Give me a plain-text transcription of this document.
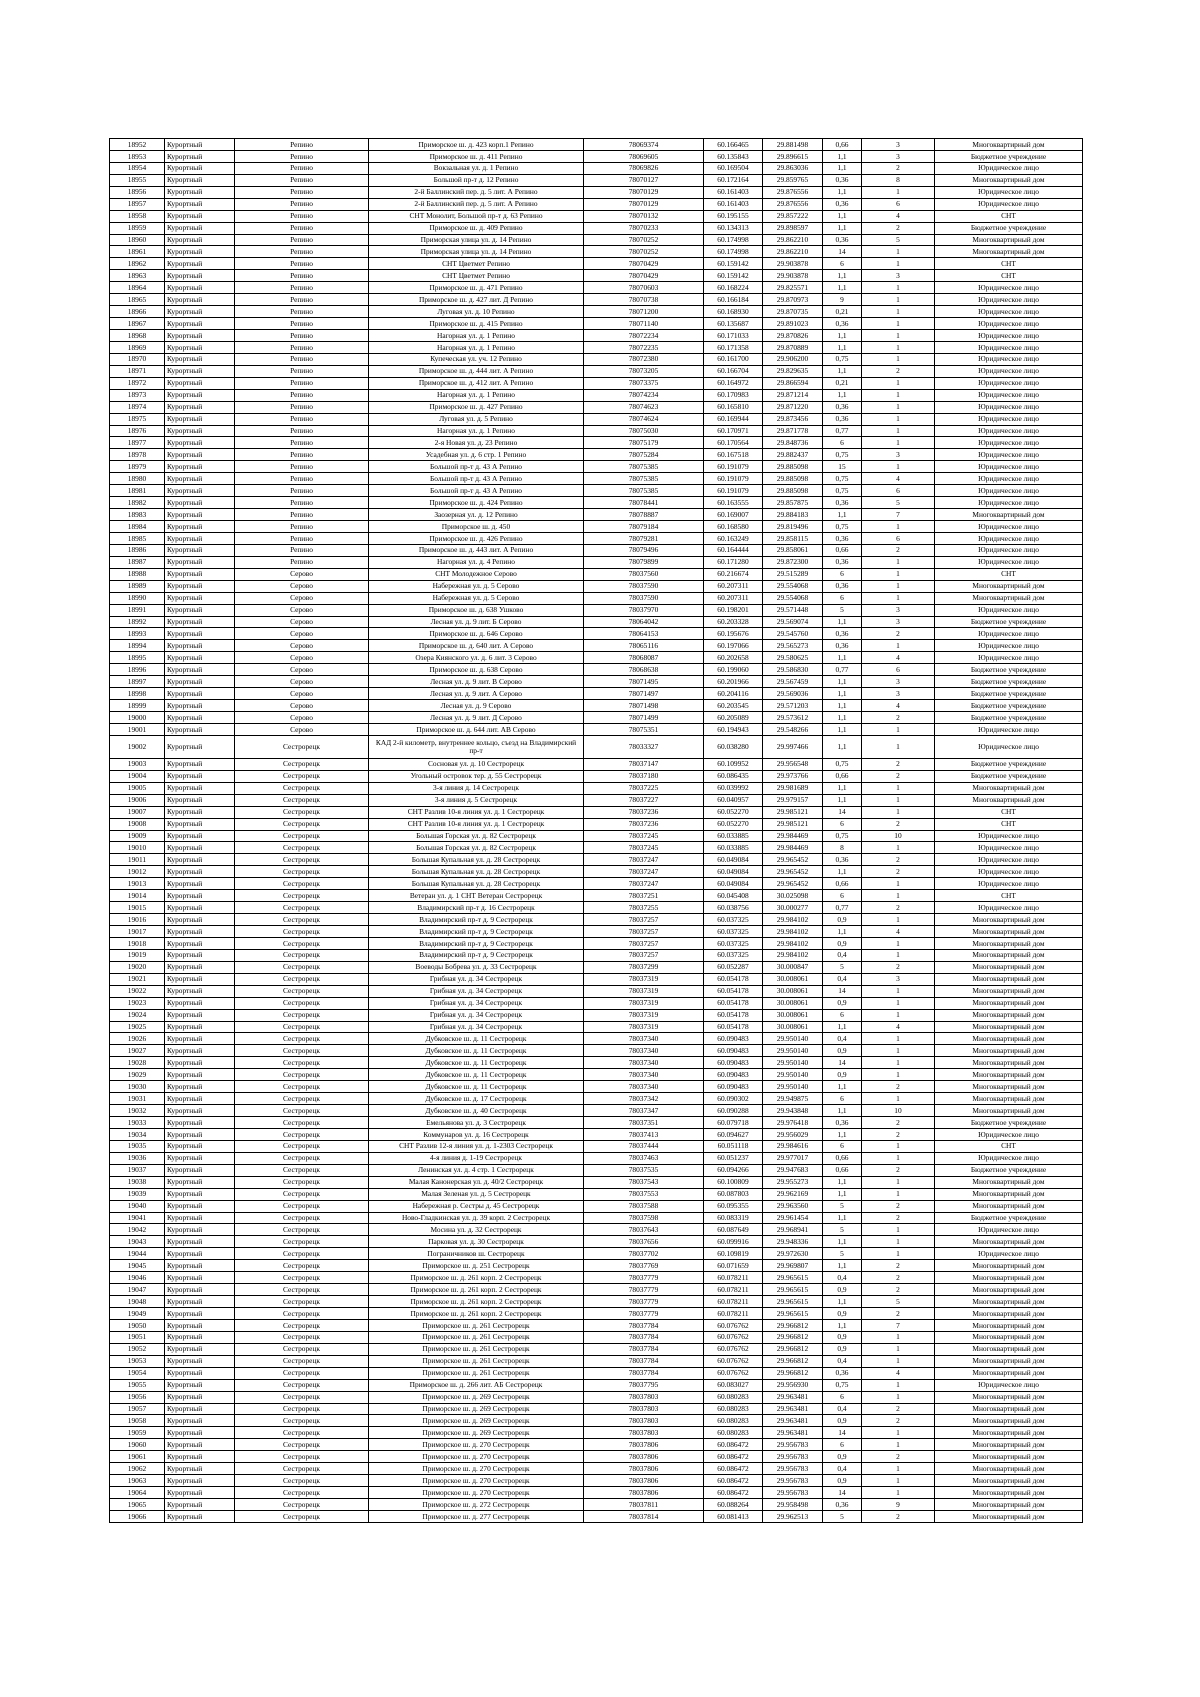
18952	Курортный	Репино	Приморское ш. д. 423 корп.1 Репино	78069374	60.166465	29.881498	0,66	3	Многоквартирный дом
18953	Курортный	Репино	Приморское ш. д. 411 Репино	78069605	60.135843	29.896615	1,1	3	Бюджетное учреждение
18954	Курортный	Репино	Вокзальная ул. д. 1 Репино	78069826	60.169504	29.863036	1,1	2	Юридическое лицо
18955	Курортный	Репино	Большой пр-т д. 12 Репино	78070127	60.172164	29.859765	0,36	8	Многоквартирный дом
18956	Курортный	Репино	2-й Баллинский пер. д. 5 лит. А Репино	78070129	60.161403	29.876556	1,1	1	Юридическое лицо
18957	Курортный	Репино	2-й Баллинский пер. д. 5 лит. А Репино	78070129	60.161403	29.876556	0,36	6	Юридическое лицо
18958	Курортный	Репино	СНТ Монолит, Большой пр-т д. 63 Репино	78070132	60.195155	29.857222	1,1	4	СНТ
18959	Курортный	Репино	Приморское ш. д. 409 Репино	78070233	60.134313	29.898597	1,1	2	Бюджетное учреждение
18960	Курортный	Репино	Приморская улица ул. д. 14 Репино	78070252	60.174998	29.862210	0,36	5	Многоквартирный дом
18961	Курортный	Репино	Приморская улица ул. д. 14 Репино	78070252	60.174998	29.862210	14	1	Многоквартирный дом
18962	Курортный	Репино	СНТ Цветмет Репино	78070429	60.159142	29.903878	6	1	СНТ
18963	Курортный	Репино	СНТ Цветмет Репино	78070429	60.159142	29.903878	1,1	3	СНТ
18964	Курортный	Репино	Приморское ш. д. 471 Репино	78070603	60.168224	29.825571	1,1	1	Юридическое лицо
18965	Курортный	Репино	Приморское ш. д. 427 лит. Д Репино	78070738	60.166184	29.870973	9	1	Юридическое лицо
18966	Курортный	Репино	Луговая ул. д. 10 Репино	78071200	60.168930	29.870735	0,21	1	Юридическое лицо
18967	Курортный	Репино	Приморское ш. д. 415 Репино	78071140	60.135687	29.891023	0,36	1	Юридическое лицо
18968	Курортный	Репино	Нагорная ул. д. 1 Репино	78072234	60.171033	29.870826	1,1	1	Юридическое лицо
18969	Курортный	Репино	Нагорная ул. д. 1 Репино	78072235	60.171358	29.870889	1,1	1	Юридическое лицо
18970	Курортный	Репино	Купеческая ул. уч. 12 Репино	78072380	60.161700	29.906200	0,75	1	Юридическое лицо
18971	Курортный	Репино	Приморское ш. д. 444 лит. А Репино	78073205	60.166704	29.829635	1,1	2	Юридическое лицо
18972	Курортный	Репино	Приморское ш. д. 412 лит. А Репино	78073375	60.164972	29.866594	0,21	1	Юридическое лицо
18973	Курортный	Репино	Нагорная ул. д. 1 Репино	78074234	60.170983	29.871214	1,1	1	Юридическое лицо
18974	Курортный	Репино	Приморское ш. д. 427 Репино	78074623	60.165810	29.871220	0,36	1	Юридическое лицо
18975	Курортный	Репино	Луговая ул. д. 5 Репино	78074624	60.169944	29.873456	0,36	1	Юридическое лицо
18976	Курортный	Репино	Нагорная ул. д. 1 Репино	78075030	60.170971	29.871778	0,77	1	Юридическое лицо
18977	Курортный	Репино	2-я Новая ул. д. 23 Репино	78075179	60.170564	29.848736	6	1	Юридическое лицо
18978	Курортный	Репино	Усадебная ул. д. 6 стр. 1 Репино	78075284	60.167518	29.882437	0,75	3	Юридическое лицо
18979	Курортный	Репино	Большой пр-т д. 43 А Репино	78075385	60.191079	29.885098	15	1	Юридическое лицо
18980	Курортный	Репино	Большой пр-т д. 43 А Репино	78075385	60.191079	29.885098	0,75	4	Юридическое лицо
18981	Курортный	Репино	Большой пр-т д. 43 А Репино	78075385	60.191079	29.885098	0,75	6	Юридическое лицо
18982	Курортный	Репино	Приморское ш. д. 424 Репино	78078441	60.163555	29.857875	0,36	5	Юридическое лицо
18983	Курортный	Репино	Заозерная ул. д. 12 Репино	78078887	60.169007	29.884183	1,1	7	Многоквартирный дом
18984	Курортный	Репино	Приморское ш. д. 450	78079184	60.168580	29.819496	0,75	1	Юридическое лицо
18985	Курортный	Репино	Приморское ш. д. 426 Репино	78079281	60.163249	29.858115	0,36	6	Юридическое лицо
18986	Курортный	Репино	Приморское ш. д. 443 лит. А Репино	78079496	60.164444	29.858061	0,66	2	Юридическое лицо
18987	Курортный	Репино	Нагорная ул. д. 4 Репино	78079899	60.171280	29.872300	0,36	1	Юридическое лицо
18988	Курортный	Серово	СНТ Молодежное Серово	78037560	60.216674	29.515289	6	1	СНТ
18989	Курортный	Серово	Набережная ул. д. 5 Серово	78037590	60.207311	29.554068	0,36	1	Многоквартирный дом
18990	Курортный	Серово	Набережная ул. д. 5 Серово	78037590	60.207311	29.554068	6	1	Многоквартирный дом
18991	Курортный	Серово	Приморское ш. д. 638 Ушково	78037970	60.198201	29.571448	5	3	Юридическое лицо
18992	Курортный	Серово	Лесная ул. д. 9 лит. Б Серово	78064042	60.203328	29.569074	1,1	3	Бюджетное учреждение
18993	Курортный	Серово	Приморское ш. д. 646 Серово	78064153	60.195676	29.545760	0,36	2	Юридическое лицо
18994	Курортный	Серово	Приморское ш. д. 640 лит. А Серово	78065116	60.197066	29.565273	0,36	1	Юридическое лицо
18995	Курортный	Серово	Озера Киянского ул. д. 6 лит. 3 Серово	78068087	60.202658	29.580625	1,1	4	Юридическое лицо
18996	Курортный	Серово	Приморское ш. д. 638 Серово	78068638	60.199060	29.586830	0,77	6	Бюджетное учреждение
18997	Курортный	Серово	Лесная ул. д. 9 лит. В Серово	78071495	60.201966	29.567459	1,1	3	Бюджетное учреждение
18998	Курортный	Серово	Лесная ул. д. 9 лит. А Серово	78071497	60.204116	29.569036	1,1	3	Бюджетное учреждение
18999	Курортный	Серово	Лесная ул. д. 9 Серово	78071498	60.203545	29.571203	1,1	4	Бюджетное учреждение
19000	Курортный	Серово	Лесная ул. д. 9 лит. Д Серово	78071499	60.205089	29.573612	1,1	2	Бюджетное учреждение
19001	Курортный	Серово	Приморское ш. д. 644 лит. АВ Серово	78075351	60.194943	29.548266	1,1	1	Юридическое лицо
19002	Курортный	Сестрорецк	КАД 2-й километр, внутреннее кольцо, съезд на Владимирский пр-т	78033327	60.038280	29.997466	1,1	1	Юридическое лицо
19003	Курортный	Сестрорецк	Сосновая ул. д. 10 Сестрорецк	78037147	60.109952	29.956548	0,75	2	Бюджетное учреждение
19004	Курортный	Сестрорецк	Угольный островок тер. д. 55 Сестрорецк	78037180	60.086435	29.973766	0,66	2	Бюджетное учреждение
19005	Курортный	Сестрорецк	3-я линия д. 14 Сестрорецк	78037225	60.039992	29.981689	1,1	1	Многоквартирный дом
19006	Курортный	Сестрорецк	3-я линия д. 5 Сестрорецк	78037227	60.040957	29.979157	1,1	1	Многоквартирный дом
19007	Курортный	Сестрорецк	СНТ Разлив 10-я линия ул. д. 1 Сестрорецк	78037236	60.052270	29.985121	14	1	СНТ
19008	Курортный	Сестрорецк	СНТ Разлив 10-я линия ул. д. 1 Сестрорецк	78037236	60.052270	29.985121	6	2	СНТ
19009	Курортный	Сестрорецк	Большая Горская ул. д. 82 Сестрорецк	78037245	60.033885	29.984469	0,75	10	Юридическое лицо
19010	Курортный	Сестрорецк	Большая Горская ул. д. 82 Сестрорецк	78037245	60.033885	29.984469	8	1	Юридическое лицо
19011	Курортный	Сестрорецк	Большая Купальная ул. д. 28 Сестрорецк	78037247	60.049084	29.965452	0,36	2	Юридическое лицо
19012	Курортный	Сестрорецк	Большая Купальная ул. д. 28 Сестрорецк	78037247	60.049084	29.965452	1,1	2	Юридическое лицо
19013	Курортный	Сестрорецк	Большая Купальная ул. д. 28 Сестрорецк	78037247	60.049084	29.965452	0,66	1	Юридическое лицо
19014	Курортный	Сестрорецк	Ветеран ул. д. 1 СНТ Ветеран Сестрорецк	78037251	60.045408	30.025098	6	1	СНТ
19015	Курортный	Сестрорецк	Владимирский пр-т д. 16 Сестрорецк	78037255	60.038756	30.000277	0,77	2	Юридическое лицо
19016	Курортный	Сестрорецк	Владимирский пр-т д. 9 Сестрорецк	78037257	60.037325	29.984102	0,9	1	Многоквартирный дом
19017	Курортный	Сестрорецк	Владимирский пр-т д. 9 Сестрорецк	78037257	60.037325	29.984102	1,1	4	Многоквартирный дом
19018	Курортный	Сестрорецк	Владимирский пр-т д. 9 Сестрорецк	78037257	60.037325	29.984102	0,9	1	Многоквартирный дом
19019	Курортный	Сестрорецк	Владимирский пр-т д. 9 Сестрорецк	78037257	60.037325	29.984102	0,4	1	Многоквартирный дом
19020	Курортный	Сестрорецк	Воеводы Бобрева ул. д. 33 Сестрорецк	78037299	60.052287	30.000847	5	2	Многоквартирный дом
19021	Курортный	Сестрорецк	Грибная ул. д. 34 Сестрорецк	78037319	60.054178	30.008061	0,4	3	Многоквартирный дом
19022	Курортный	Сестрорецк	Грибная ул. д. 34 Сестрорецк	78037319	60.054178	30.008061	14	1	Многоквартирный дом
19023	Курортный	Сестрорецк	Грибная ул. д. 34 Сестрорецк	78037319	60.054178	30.008061	0,9	1	Многоквартирный дом
19024	Курортный	Сестрорецк	Грибная ул. д. 34 Сестрорецк	78037319	60.054178	30.008061	6	1	Многоквартирный дом
19025	Курортный	Сестрорецк	Грибная ул. д. 34 Сестрорецк	78037319	60.054178	30.008061	1,1	4	Многоквартирный дом
19026	Курортный	Сестрорецк	Дубковское ш. д. 11 Сестрорецк	78037340	60.090483	29.950140	0,4	1	Многоквартирный дом
19027	Курортный	Сестрорецк	Дубковское ш. д. 11 Сестрорецк	78037340	60.090483	29.950140	0,9	1	Многоквартирный дом
19028	Курортный	Сестрорецк	Дубковское ш. д. 11 Сестрорецк	78037340	60.090483	29.950140	14	1	Многоквартирный дом
19029	Курортный	Сестрорецк	Дубковское ш. д. 11 Сестрорецк	78037340	60.090483	29.950140	0,9	1	Многоквартирный дом
19030	Курортный	Сестрорецк	Дубковское ш. д. 11 Сестрорецк	78037340	60.090483	29.950140	1,1	2	Многоквартирный дом
19031	Курортный	Сестрорецк	Дубковское ш. д. 17 Сестрорецк	78037342	60.090302	29.949875	6	1	Многоквартирный дом
19032	Курортный	Сестрорецк	Дубковское ш. д. 40 Сестрорецк	78037347	60.090288	29.943848	1,1	10	Многоквартирный дом
19033	Курортный	Сестрорецк	Емельянова ул. д. 3 Сестрорецк	78037351	60.079718	29.976418	0,36	2	Бюджетное учреждение
19034	Курортный	Сестрорецк	Коммунаров ул. д. 16 Сестрорецк	78037413	60.094627	29.956029	1,1	2	Юридическое лицо
19035	Курортный	Сестрорецк	СНТ Разлив 12-я линия ул. д. 1-2303 Сестрорецк	78037444	60.051118	29.984616	6	1	СНТ
19036	Курортный	Сестрорецк	4-я линия д. 1-19 Сестрорецк	78037463	60.051237	29.977017	0,66	1	Юридическое лицо
19037	Курортный	Сестрорецк	Ленинская ул. д. 4 стр. 1 Сестрорецк	78037535	60.094266	29.947683	0,66	2	Бюджетное учреждение
19038	Курортный	Сестрорецк	Малая Канонерская ул. д. 40/2 Сестрорецк	78037543	60.100809	29.955273	1,1	1	Многоквартирный дом
19039	Курортный	Сестрорецк	Малая Зеленая ул. д. 5 Сестрорецк	78037553	60.087803	29.962169	1,1	1	Многоквартирный дом
19040	Курортный	Сестрорецк	Набережная р. Сестры д. 45 Сестрорецк	78037588	60.095355	29.963560	5	2	Многоквартирный дом
19041	Курортный	Сестрорецк	Ново-Гладкинская ул. д. 39 корп. 2 Сестрорецк	78037598	60.083319	29.961454	1,1	2	Бюджетное учреждение
19042	Курортный	Сестрорецк	Мосина ул. д. 32 Сестрорецк	78037643	60.087649	29.968941	5	1	Юридическое лицо
19043	Курортный	Сестрорецк	Парковая ул. д. 30 Сестрорецк	78037656	60.099916	29.948336	1,1	1	Многоквартирный дом
19044	Курортный	Сестрорецк	Пограничников ш. Сестрорецк	78037702	60.109819	29.972630	5	1	Юридическое лицо
19045	Курортный	Сестрорецк	Приморское ш. д. 251 Сестрорецк	78037769	60.071659	29.969807	1,1	2	Многоквартирный дом
19046	Курортный	Сестрорецк	Приморское ш. д. 261 корп. 2 Сестрорецк	78037779	60.078211	29.965615	0,4	2	Многоквартирный дом
19047	Курортный	Сестрорецк	Приморское ш. д. 261 корп. 2 Сестрорецк	78037779	60.078211	29.965615	0,9	2	Многоквартирный дом
19048	Курортный	Сестрорецк	Приморское ш. д. 261 корп. 2 Сестрорецк	78037779	60.078211	29.965615	1,1	5	Многоквартирный дом
19049	Курортный	Сестрорецк	Приморское ш. д. 261 корп. 2 Сестрорецк	78037779	60.078211	29.965615	0,9	2	Многоквартирный дом
19050	Курортный	Сестрорецк	Приморское ш. д. 261 Сестрорецк	78037784	60.076762	29.966812	1,1	7	Многоквартирный дом
19051	Курортный	Сестрорецк	Приморское ш. д. 261 Сестрорецк	78037784	60.076762	29.966812	0,9	1	Многоквартирный дом
19052	Курортный	Сестрорецк	Приморское ш. д. 261 Сестрорецк	78037784	60.076762	29.966812	0,9	1	Многоквартирный дом
19053	Курортный	Сестрорецк	Приморское ш. д. 261 Сестрорецк	78037784	60.076762	29.966812	0,4	1	Многоквартирный дом
19054	Курортный	Сестрорецк	Приморское ш. д. 261 Сестрорецк	78037784	60.076762	29.966812	0,36	4	Многоквартирный дом
19055	Курортный	Сестрорецк	Приморское ш. д. 266 лит. АБ Сестрорецк	78037795	60.083027	29.956930	0,75	1	Юридическое лицо
19056	Курортный	Сестрорецк	Приморское ш. д. 269 Сестрорецк	78037803	60.080283	29.963481	6	1	Многоквартирный дом
19057	Курортный	Сестрорецк	Приморское ш. д. 269 Сестрорецк	78037803	60.080283	29.963481	0,4	2	Многоквартирный дом
19058	Курортный	Сестрорецк	Приморское ш. д. 269 Сестрорецк	78037803	60.080283	29.963481	0,9	2	Многоквартирный дом
19059	Курортный	Сестрорецк	Приморское ш. д. 269 Сестрорецк	78037803	60.080283	29.963481	14	1	Многоквартирный дом
19060	Курортный	Сестрорецк	Приморское ш. д. 270 Сестрорецк	78037806	60.086472	29.956783	6	1	Многоквартирный дом
19061	Курортный	Сестрорецк	Приморское ш. д. 270 Сестрорецк	78037806	60.086472	29.956783	0,9	2	Многоквартирный дом
19062	Курортный	Сестрорецк	Приморское ш. д. 270 Сестрорецк	78037806	60.086472	29.956783	0,4	1	Многоквартирный дом
19063	Курортный	Сестрорецк	Приморское ш. д. 270 Сестрорецк	78037806	60.086472	29.956783	0,9	1	Многоквартирный дом
19064	Курортный	Сестрорецк	Приморское ш. д. 270 Сестрорецк	78037806	60.086472	29.956783	14	1	Многоквартирный дом
19065	Курортный	Сестрорецк	Приморское ш. д. 272 Сестрорецк	78037811	60.088264	29.958498	0,36	9	Многоквартирный дом
19066	Курортный	Сестрорецк	Приморское ш. д. 277 Сестрорецк	78037814	60.081413	29.962513	5	2	Многоквартирный дом
